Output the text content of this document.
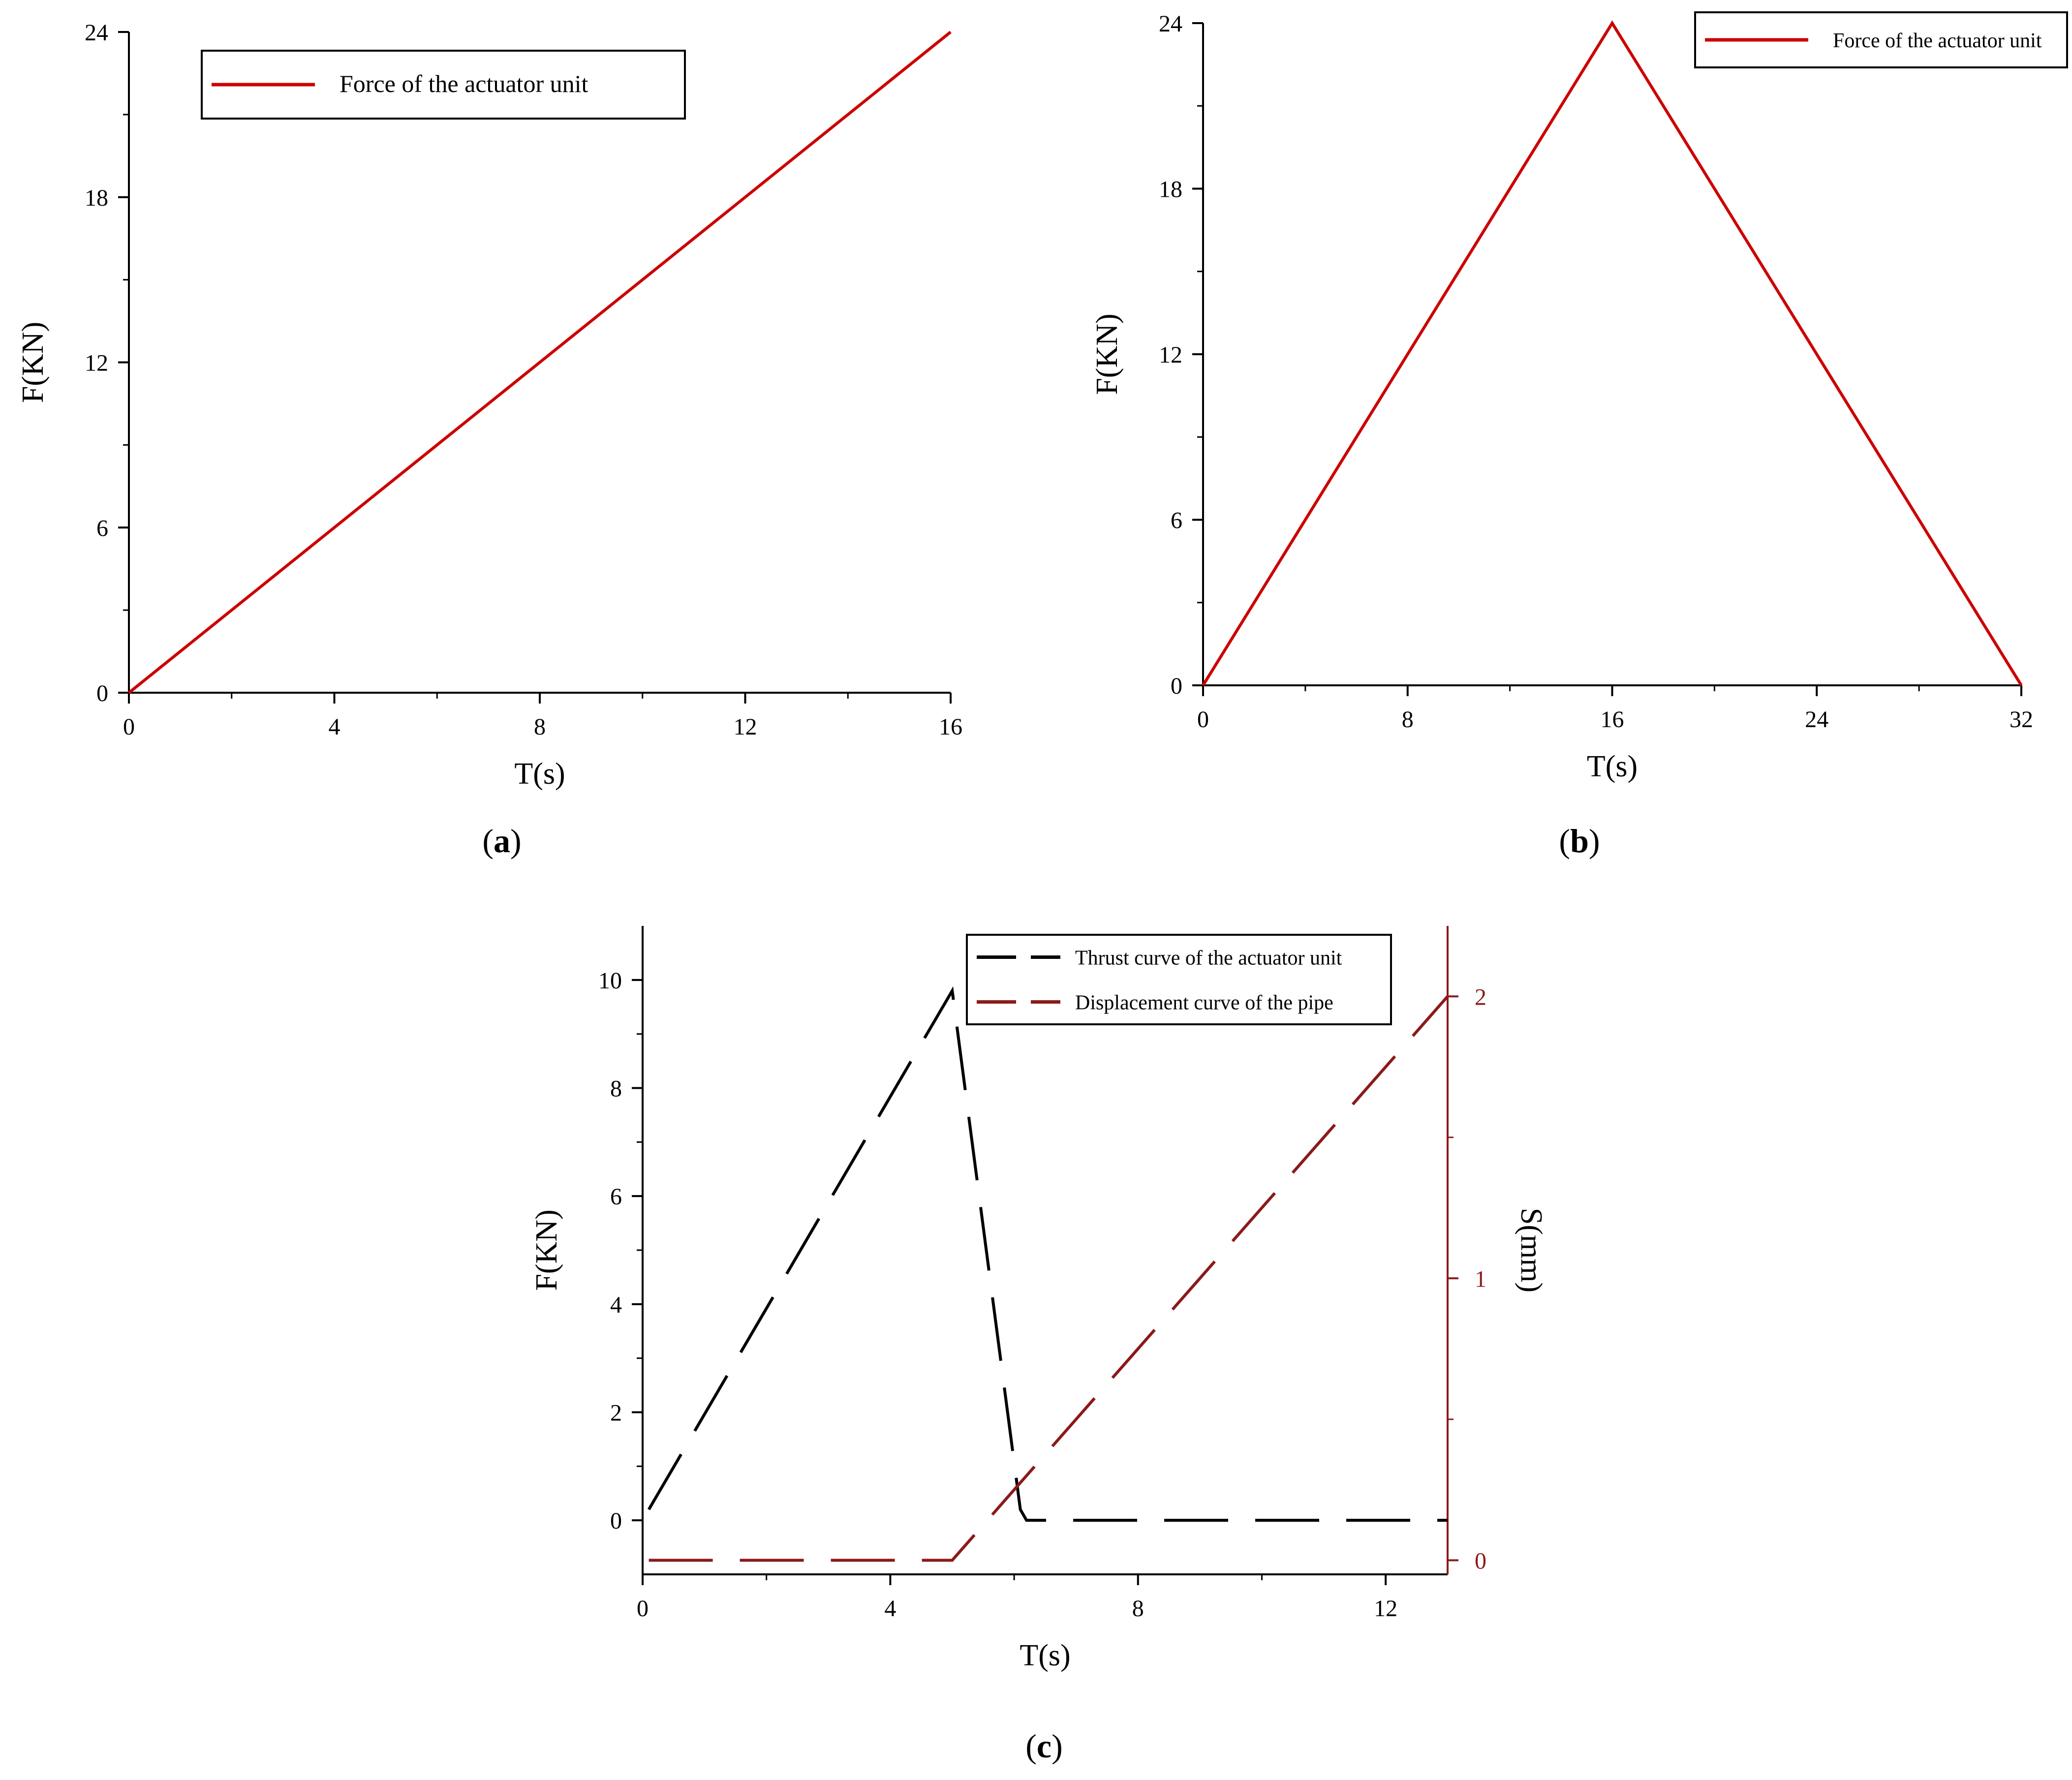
0	4	8	12	16
0
6
12
18
24
T(s)
F(KN)
Force of the actuator unit
(a)
0	8	16	24	32
0
6
12
18
24
T(s)
F(KN)
Force of the actuator unit
(b)
0	4	8	12
0
2
4
6
8
10
0
1
2
T(s)
F(KN)	S(mm)
Thrust curve of the actuator unit
Displacement curve of the pipe
(c)
